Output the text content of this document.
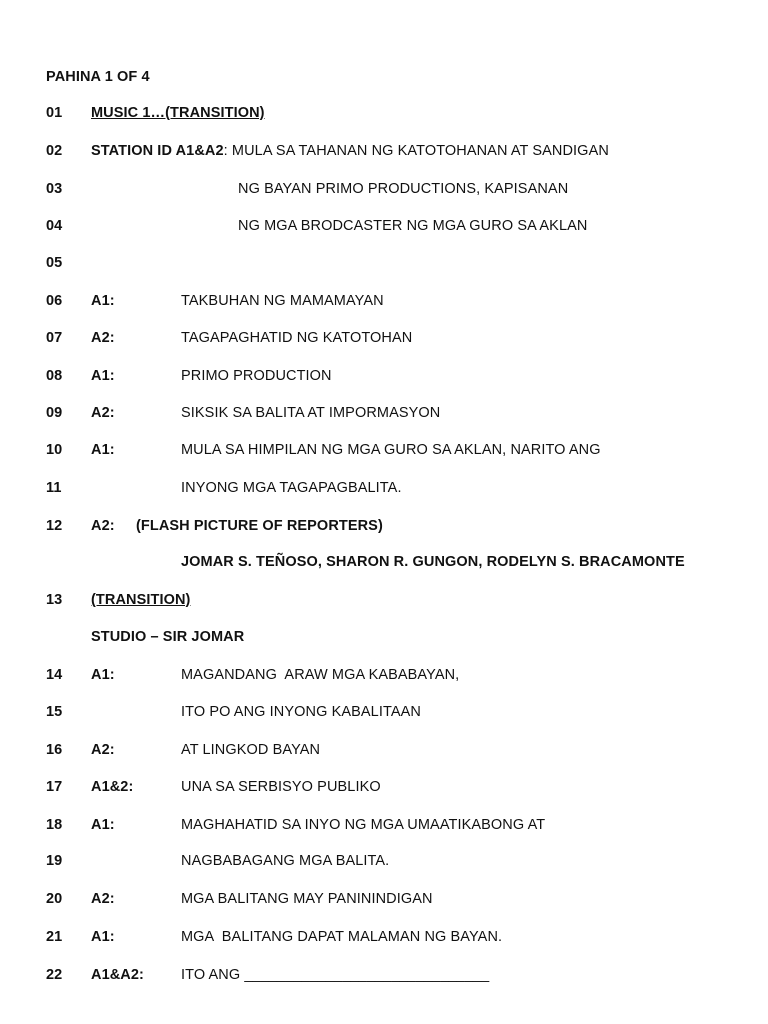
PAHINA 1 OF 4
01 MUSIC 1…(TRANSITION)
02 STATION ID A1&A2: MULA SA TAHANAN NG KATOTOHANAN AT SANDIGAN
03	NG BAYAN PRIMO PRODUCTIONS, KAPISANAN
04	NG MGA BRODCASTER NG MGA GURO SA AKLAN
05
06 A1:	TAKBUHAN NG MAMAMAYAN
07 A2:	TAGAPAGHATID NG KATOTOHAN
08 A1:	PRIMO PRODUCTION
09 A2:	SIKSIK SA BALITA AT IMPORMASYON
10 A1:	MULA SA HIMPILAN NG MGA GURO SA AKLAN, NARITO ANG
11	INYONG MGA TAGAPAGBALITA.
12 A2: (FLASH PICTURE OF REPORTERS)
JOMAR S. TEÑOSO, SHARON R. GUNGON, RODELYN S. BRACAMONTE
13 (TRANSITION)
STUDIO – SIR JOMAR
14 A1:	MAGANDANG  ARAW MGA KABABAYAN,
15	ITO PO ANG INYONG KABALITAAN
16 A2:	AT LINGKOD BAYAN
17 A1&2:	UNA SA SERBISYO PUBLIKO
18 A1:	MAGHAHATID SA INYO NG MGA UMAATIKABONG AT
19	NAGBABAGANG MGA BALITA.
20 A2:	MGA BALITANG MAY PANININDIGAN
21 A1:	MGA  BALITANG DAPAT MALAMAN NG BAYAN.
22 A1&A2:	ITO ANG ______________________________
